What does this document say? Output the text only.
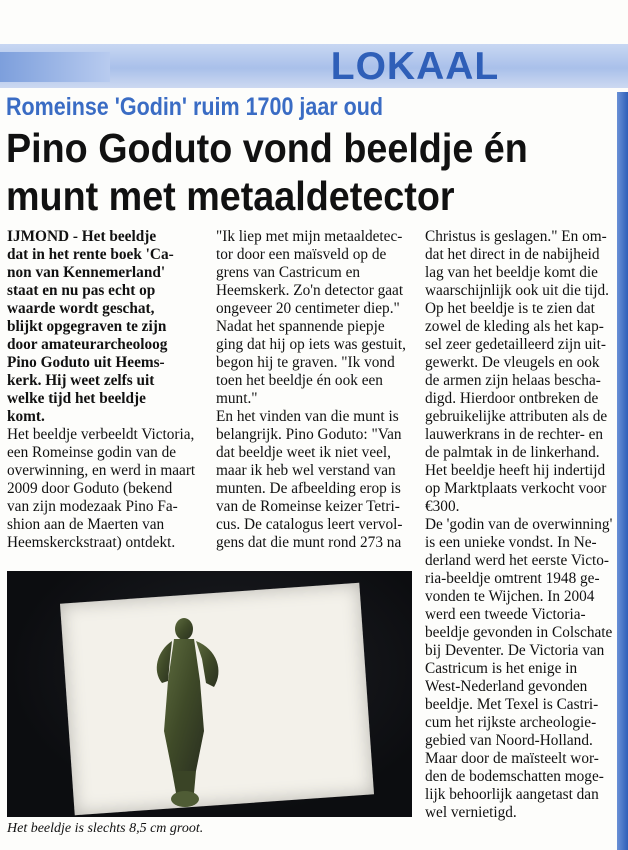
LOKAAL
Romeinse 'Godin' ruim 1700 jaar oud
Pino Goduto vond beeldje én
munt met metaaldetector

IJMOND - Het beeldje

dat in het rente boek 'Ca-

non van Kennemerland'

staat en nu pas echt op

waarde wordt geschat,

blijkt opgegraven te zijn

door amateurarcheoloog

Pino Goduto uit Heems-

kerk. Hij weet zelfs uit

welke tijd het beeldje

komt.

Het beeldje verbeeldt Victoria,

een Romeinse godin van de

overwinning, en werd in maart

2009 door Goduto (bekend

van zijn modezaak Pino Fa-

shion aan de Maerten van

Heemskerckstraat) ontdekt.

"Ik liep met mijn metaaldetec-

tor door een maïsveld op de

grens van Castricum en

Heemskerk. Zo'n detector gaat

ongeveer 20 centimeter diep."

Nadat het spannende piepje

ging dat hij op iets was gestuit,

begon hij te graven. "Ik vond

toen het beeldje én ook een

munt."

En het vinden van die munt is

belangrijk. Pino Goduto: "Van

dat beeldje weet ik niet veel,

maar ik heb wel verstand van

munten. De afbeelding erop is

van de Romeinse keizer Tetri-

cus. De catalogus leert vervol-

gens dat die munt rond 273 na

Christus is geslagen." En om-

dat het direct in de nabijheid

lag van het beeldje komt die

waarschijnlijk ook uit die tijd.

Op het beeldje is te zien dat

zowel de kleding als het kap-

sel zeer gedetailleerd zijn uit-

gewerkt. De vleugels en ook

de armen zijn helaas bescha-

digd. Hierdoor ontbreken de

gebruikelijke attributen als de

lauwerkrans in de rechter- en

de palmtak in de linkerhand.

Het beeldje heeft hij indertijd

op Marktplaats verkocht voor

€300.

De 'godin van de overwinning'

is een unieke vondst. In Ne-

derland werd het eerste Victo-

ria-beeldje omtrent 1948 ge-

vonden te Wijchen. In 2004

werd een tweede Victoria-

beeldje gevonden in Colschate

bij Deventer. De Victoria van

Castricum is het enige in

West-Nederland gevonden

beeldje. Met Texel is Castri-

cum het rijkste archeologie-

gebied van Noord-Holland.

Maar door de maïsteelt wor-

den de bodemschatten moge-

lijk behoorlijk aangetast dan

wel vernietigd.

Het beeldje is slechts 8,5 cm groot.
